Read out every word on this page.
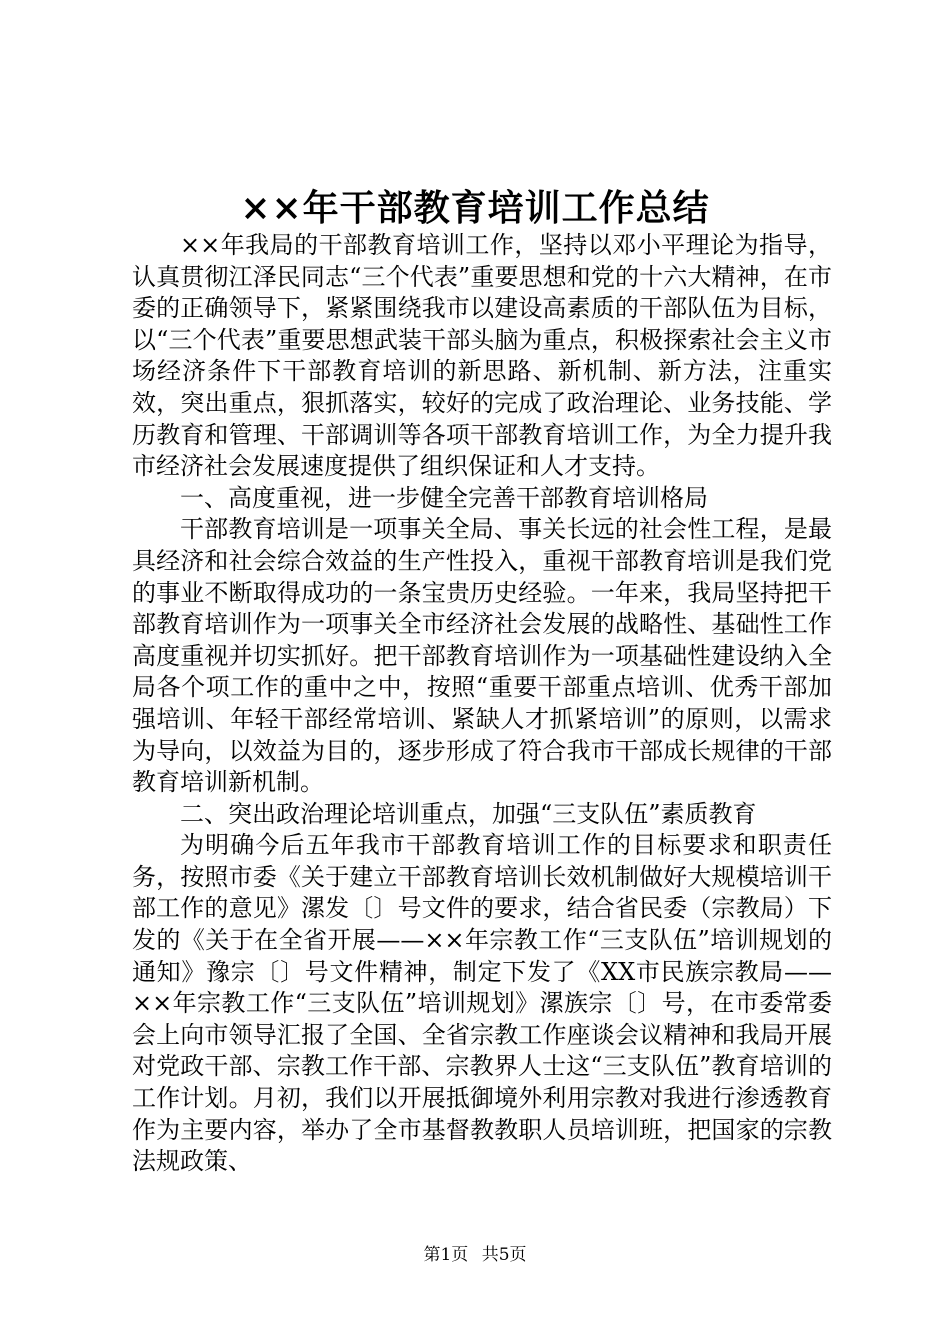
××年干部教育培训工作总结

××年我局的干部教育培训工作，坚持以邓小平理论为指导，认真贯彻江泽民同志“三个代表”重要思想和党的十六大精神，在市委的正确领导下，紧紧围绕我市以建设高素质的干部队伍为目标，以“三个代表”重要思想武装干部头脑为重点，积极探索社会主义市场经济条件下干部教育培训的新思路、新机制、新方法，注重实效，突出重点，狠抓落实，较好的完成了政治理论、业务技能、学历教育和管理、干部调训等各项干部教育培训工作，为全力提升我市经济社会发展速度提供了组织保证和人才支持。

一、高度重视，进一步健全完善干部教育培训格局

干部教育培训是一项事关全局、事关长远的社会性工程，是最具经济和社会综合效益的生产性投入，重视干部教育培训是我们党的事业不断取得成功的一条宝贵历史经验。一年来，我局坚持把干部教育培训作为一项事关全市经济社会发展的战略性、基础性工作高度重视并切实抓好。把干部教育培训作为一项基础性建设纳入全局各个项工作的重中之中，按照“重要干部重点培训、优秀干部加强培训、年轻干部经常培训、紧缺人才抓紧培训”的原则，以需求为导向，以效益为目的，逐步形成了符合我市干部成长规律的干部教育培训新机制。

二、突出政治理论培训重点，加强“三支队伍”素质教育

为明确今后五年我市干部教育培训工作的目标要求和职责任务，按照市委《关于建立干部教育培训长效机制做好大规模培训干部工作的意见》漯发〔〕号文件的要求，结合省民委（宗教局）下发的《关于在全省开展——××年宗教工作“三支队伍”培训规划的通知》豫宗〔〕号文件精神，制定下发了《XX市民族宗教局——××年宗教工作“三支队伍”培训规划》漯族宗〔〕号，在市委常委会上向市领导汇报了全国、全省宗教工作座谈会议精神和我局开展对党政干部、宗教工作干部、宗教界人士这“三支队伍”教育培训的工作计划。月初，我们以开展抵御境外利用宗教对我进行渗透教育作为主要内容，举办了全市基督教教职人员培训班，把国家的宗教法规政策、

第1页 共5页
